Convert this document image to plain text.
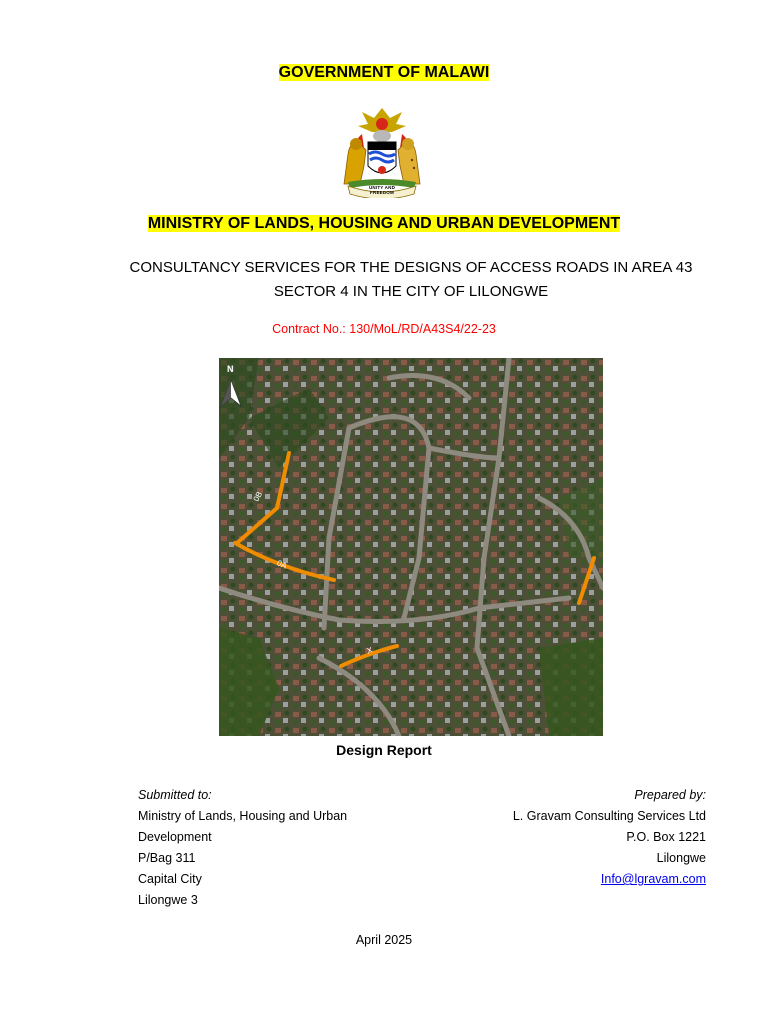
GOVERNMENT OF MALAWI
UNITY AND FREEDOM
MINISTRY OF LANDS, HOUSING AND URBAN DEVELOPMENT
CONSULTANCY SERVICES FOR THE DESIGNS OF ACCESS ROADS IN AREA 43
SECTOR 4 IN THE CITY OF LILONGWE
Contract No.: 130/MoL/RD/A43S4/22-23
N
0B
0A
X
Design Report
Submitted to:
Ministry of Lands, Housing and Urban
Development
P/Bag 311
Capital City
Lilongwe 3
Prepared by:
L. Gravam Consulting Services Ltd
P.O. Box 1221
Lilongwe
Info@lgravam.com
April 2025
